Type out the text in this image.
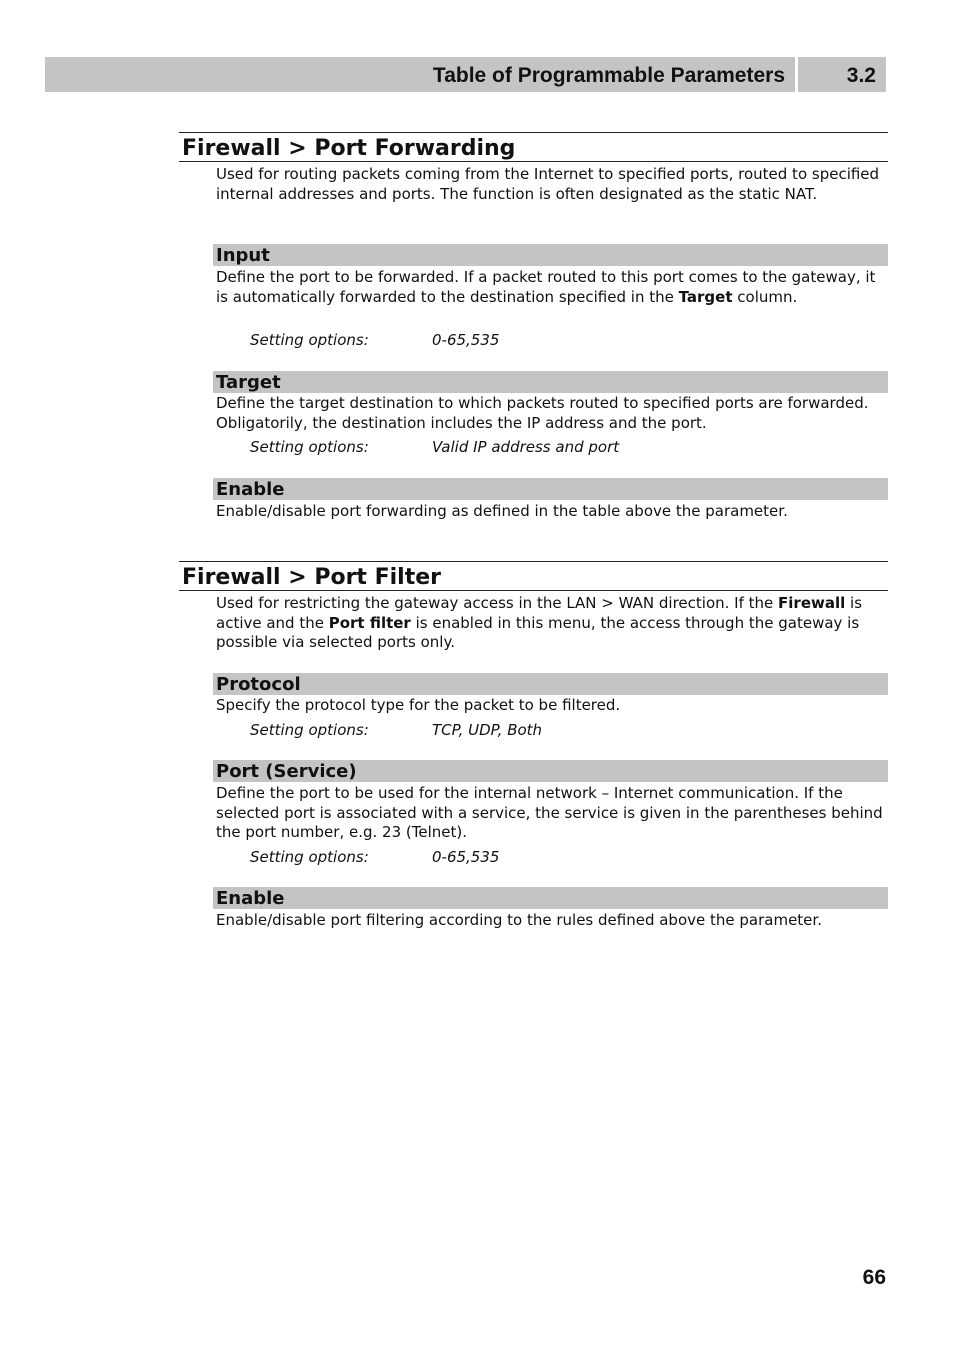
Table of Programmable Parameters	3.2
Firewall > Port Forwarding
Used for routing packets coming from the Internet to specified ports, routed to specified internal addresses and ports. The function is often designated as the static NAT.
Input
Define the port to be forwarded. If a packet routed to this port comes to the gateway, it is automatically forwarded to the destination specified in the Target column.
Setting options:	0-65,535
Target
Define the target destination to which packets routed to specified ports are forwarded. Obligatorily, the destination includes the IP address and the port.
Setting options:	Valid IP address and port
Enable
Enable/disable port forwarding as defined in the table above the parameter.
Firewall > Port Filter
Used for restricting the gateway access in the LAN > WAN direction. If the Firewall is active and the Port filter is enabled in this menu, the access through the gateway is possible via selected ports only.
Protocol
Specify the protocol type for the packet to be filtered.
Setting options:	TCP, UDP, Both
Port (Service)
Define the port to be used for the internal network – Internet communication. If the selected port is associated with a service, the service is given in the parentheses behind the port number, e.g. 23 (Telnet).
Setting options:	0-65,535
Enable
Enable/disable port filtering according to the rules defined above the parameter.
66
